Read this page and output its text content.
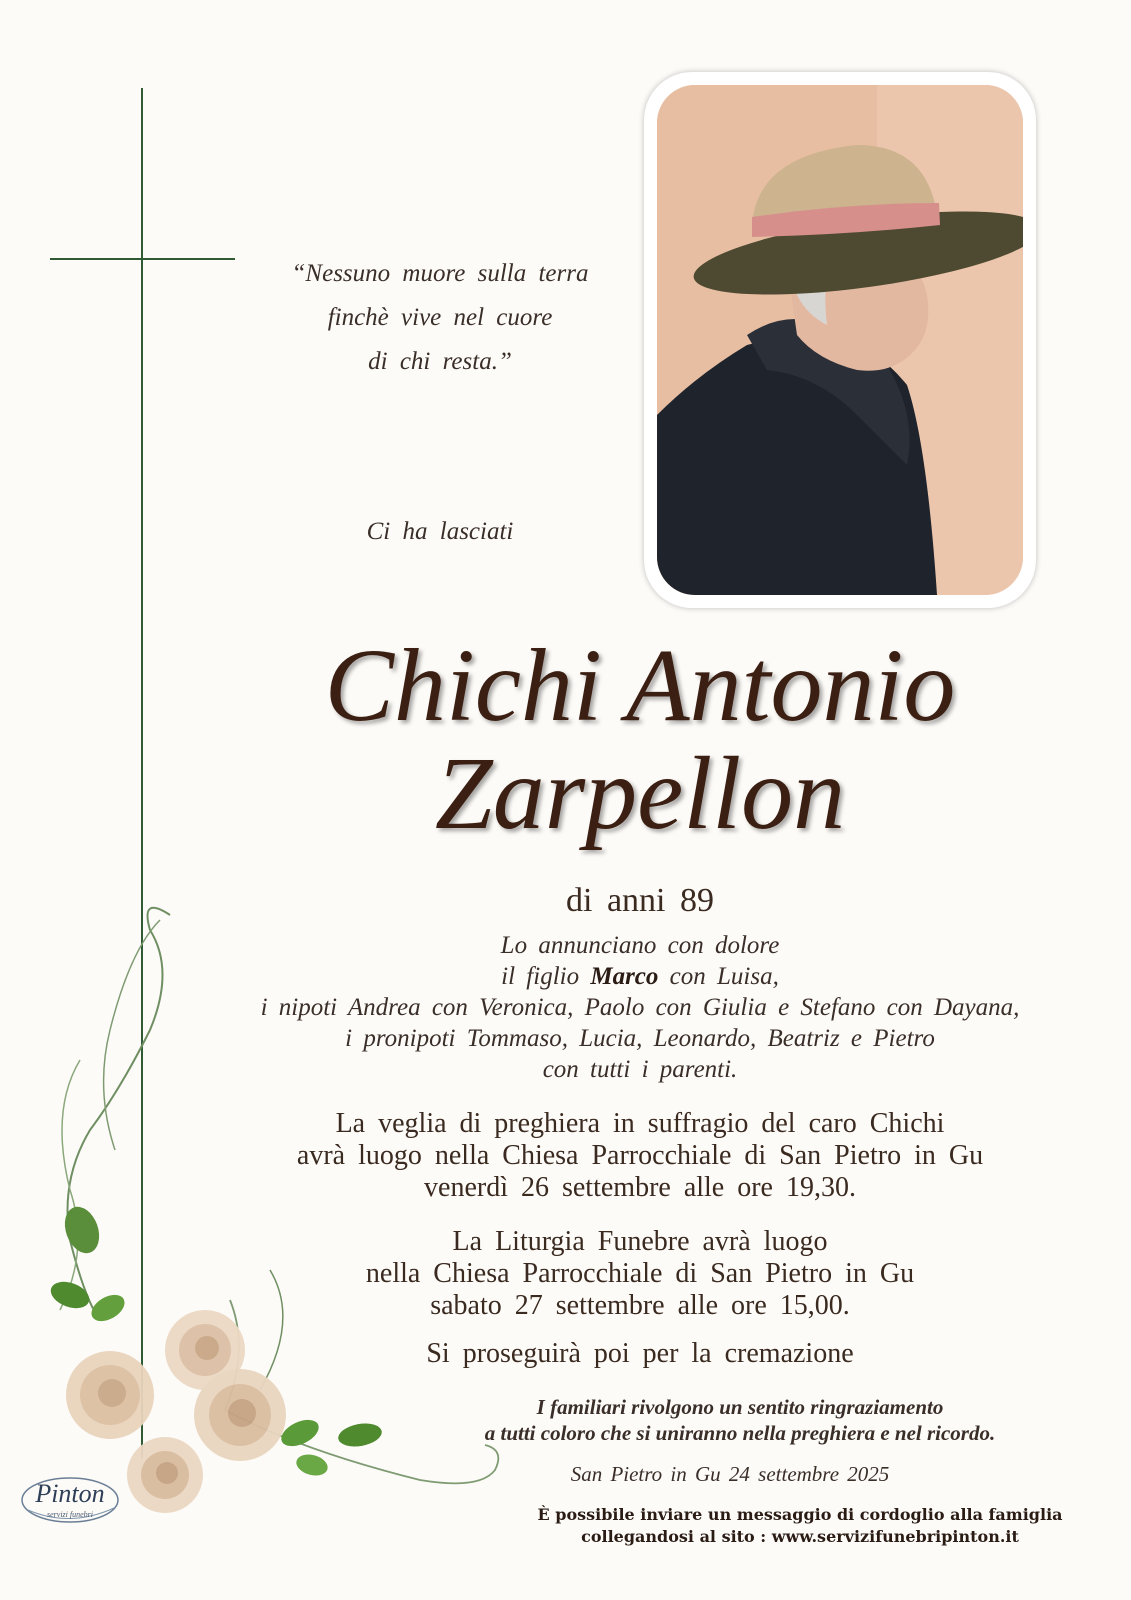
“Nessuno muore sulla terra
finchè vive nel cuore
di chi resta.”
Ci ha lasciati
Chichi Antonio
Zarpellon
di anni 89
Lo annunciano con dolore
il figlio Marco con Luisa,
i nipoti Andrea con Veronica, Paolo con Giulia e Stefano con Dayana,
i pronipoti Tommaso, Lucia, Leonardo, Beatriz e Pietro
con tutti i parenti.
La veglia di preghiera in suffragio del caro Chichi
avrà luogo nella Chiesa Parrocchiale di San Pietro in Gu
venerdì 26 settembre alle ore 19,30.
La Liturgia Funebre avrà luogo
nella Chiesa Parrocchiale di San Pietro in Gu
sabato 27 settembre alle ore 15,00.
Si proseguirà poi per la cremazione
I familiari rivolgono un sentito ringraziamento
a tutti coloro che si uniranno nella preghiera e nel ricordo.
San Pietro in Gu 24 settembre 2025
È possibile inviare un messaggio di cordoglio alla famiglia
collegandosi al sito : www.servizifunebripinton.it
Pinton
servizi funebri
